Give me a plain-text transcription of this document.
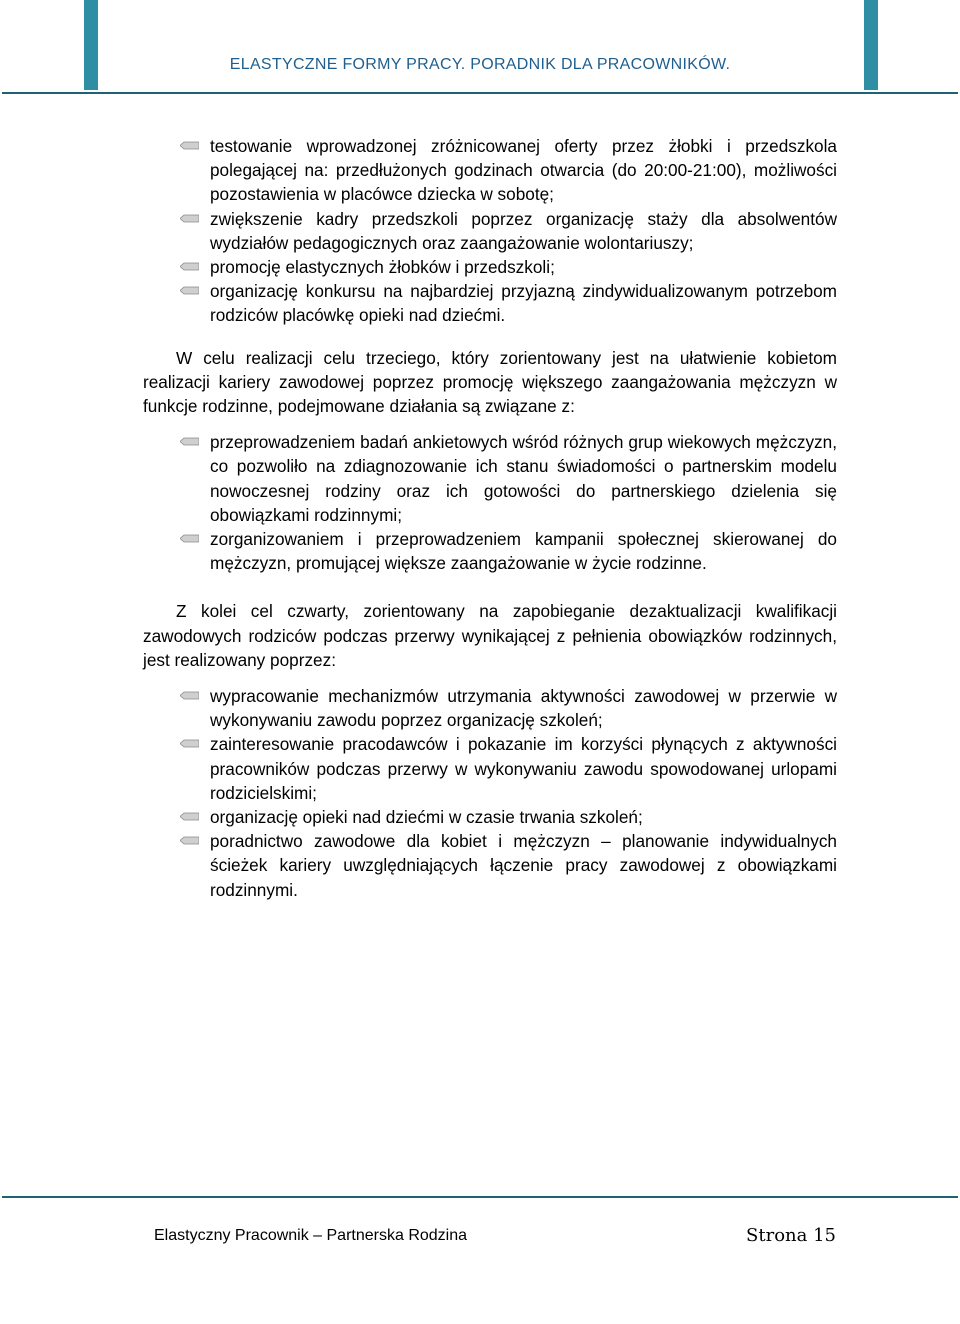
ELASTYCZNE FORMY PRACY. PORADNIK DLA PRACOWNIKÓW.
testowanie wprowadzonej zróżnicowanej oferty przez żłobki i przedszkola polegającej na: przedłużonych godzinach otwarcia (do 20:00-21:00), możliwości pozostawienia w placówce dziecka w sobotę;
zwiększenie kadry przedszkoli poprzez organizację staży dla absolwentów wydziałów pedagogicznych oraz zaangażowanie wolontariuszy;
promocję elastycznych żłobków i przedszkoli;
organizację konkursu na najbardziej przyjazną zindywidualizowanym potrzebom rodziców placówkę opieki nad dziećmi.

W celu realizacji celu trzeciego, który zorientowany jest na ułatwienie kobietom realizacji kariery zawodowej poprzez promocję większego zaangażowania mężczyzn w funkcje rodzinne, podejmowane działania są związane z:

przeprowadzeniem badań ankietowych wśród różnych grup wiekowych mężczyzn, co pozwoliło na zdiagnozowanie ich stanu świadomości o partnerskim modelu nowoczesnej rodziny oraz ich gotowości do partnerskiego dzielenia się obowiązkami rodzinnymi;
zorganizowaniem i przeprowadzeniem kampanii społecznej skierowanej do mężczyzn, promującej większe zaangażowanie w życie rodzinne.

Z kolei cel czwarty, zorientowany na zapobieganie dezaktualizacji kwalifikacji zawodowych rodziców podczas przerwy wynikającej z pełnienia obowiązków rodzinnych, jest realizowany poprzez:

wypracowanie mechanizmów utrzymania aktywności zawodowej w przerwie w wykonywaniu zawodu poprzez organizację szkoleń;
zainteresowanie pracodawców i pokazanie im korzyści płynących z aktywności pracowników podczas przerwy w wykonywaniu zawodu spowodowanej urlopami rodzicielskimi;
organizację opieki nad dziećmi w czasie trwania szkoleń;
poradnictwo zawodowe dla kobiet i mężczyzn – planowanie indywidualnych ścieżek kariery uwzględniających łączenie pracy zawodowej z obowiązkami rodzinnymi.
Elastyczny Pracownik – Partnerska Rodzina	Strona 15
